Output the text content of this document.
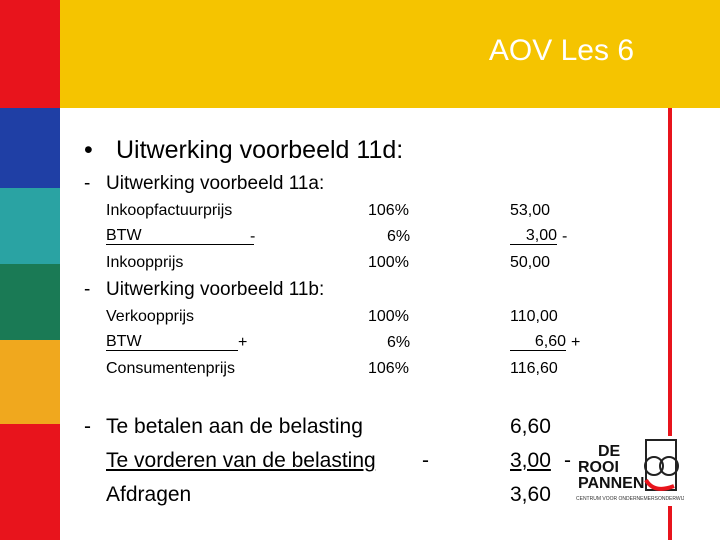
AOV Les 6
• Uitwerking voorbeeld 11d:
- Uitwerking voorbeeld 11a:
Inkoopfactuurprijs	106%	53,00
BTW	-	6%	3,00 -
Inkoopprijs	100%	50,00
- Uitwerking voorbeeld 11b:
Verkoopprijs	100%	110,00
BTW	+	6%	6,60 +
Consumentenprijs	106%	116,60
- Te betalen aan de belasting	6,60
Te vorderen van de belasting -	3,00 -
Afdragen	3,60
DE
ROOI
PANNEN
CENTRUM VOOR ONDERNEMERSONDERWIJS
